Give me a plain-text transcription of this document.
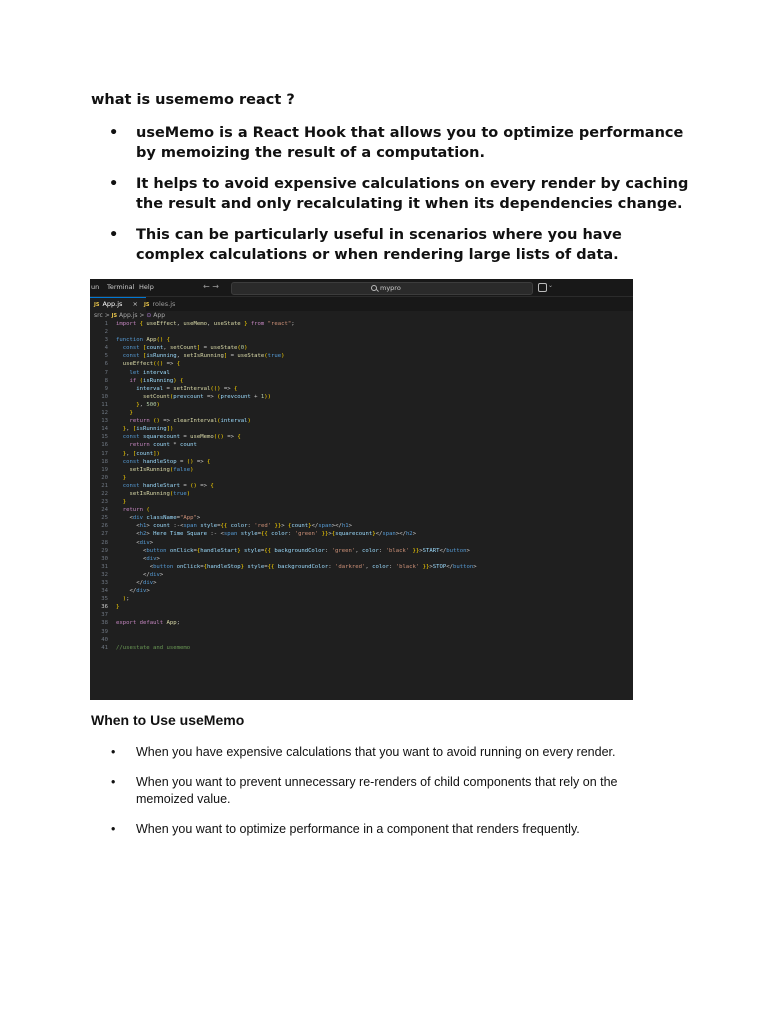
what is usememo react ?
• useMemo is a React Hook that allows you to optimize performance by memoizing the result of a computation.
• It helps to avoid expensive calculations on every render by caching the result and only recalculating it when its dependencies change.
• This can be particularly useful in scenarios where you have complex calculations or when rendering large lists of data.
un Terminal Help	← →	mypro	⌄
JS App.js ×	JS roles.js
src > JS App.js > ⊙ App
1 import { useEffect, useMemo, useState } from "react";
2
3 function App() {
4	const [count, setCount] = useState(0)
5	const [isRunning, setIsRunning] = useState(true)
6	useEffect(() => {
7	let interval
8	if (isRunning) {
9	interval = setInterval(() => {
10	setCount(prevcount => (prevcount + 1))
11	}, 500)
12	}
13	return () => clearInterval(interval)
14	}, [isRunning])
15	const squarecount = useMemo(() => {
16	return count * count
17	}, [count])
18	const handleStop = () => {
19	setIsRunning(false)
20	}
21	const handleStart = () => {
22	setIsRunning(true)
23	}
24	return (
25	<div className="App">
26	<h1> count :-<span style={{ color: 'red' }}> {count}</span></h1>
27	<h2> Here Time Square :- <span style={{ color: 'green' }}>{squarecount}</span></h2>
28	<div>
29	<button onClick={handleStart} style={{ backgroundColor: 'green', color: 'black' }}>START</button>
30	<div>
31	<button onClick={handleStop} style={{ backgroundColor: 'darkred', color: 'black' }}>STOP</button>
32	</div>
33	</div>
34	</div>
35	);
36 }
37
38 export default App;
39
40
41 //usestate and usememo
When to Use useMemo
• When you have expensive calculations that you want to avoid running on every render.
• When you want to prevent unnecessary re-renders of child components that rely on the memoized value.
• When you want to optimize performance in a component that renders frequently.
